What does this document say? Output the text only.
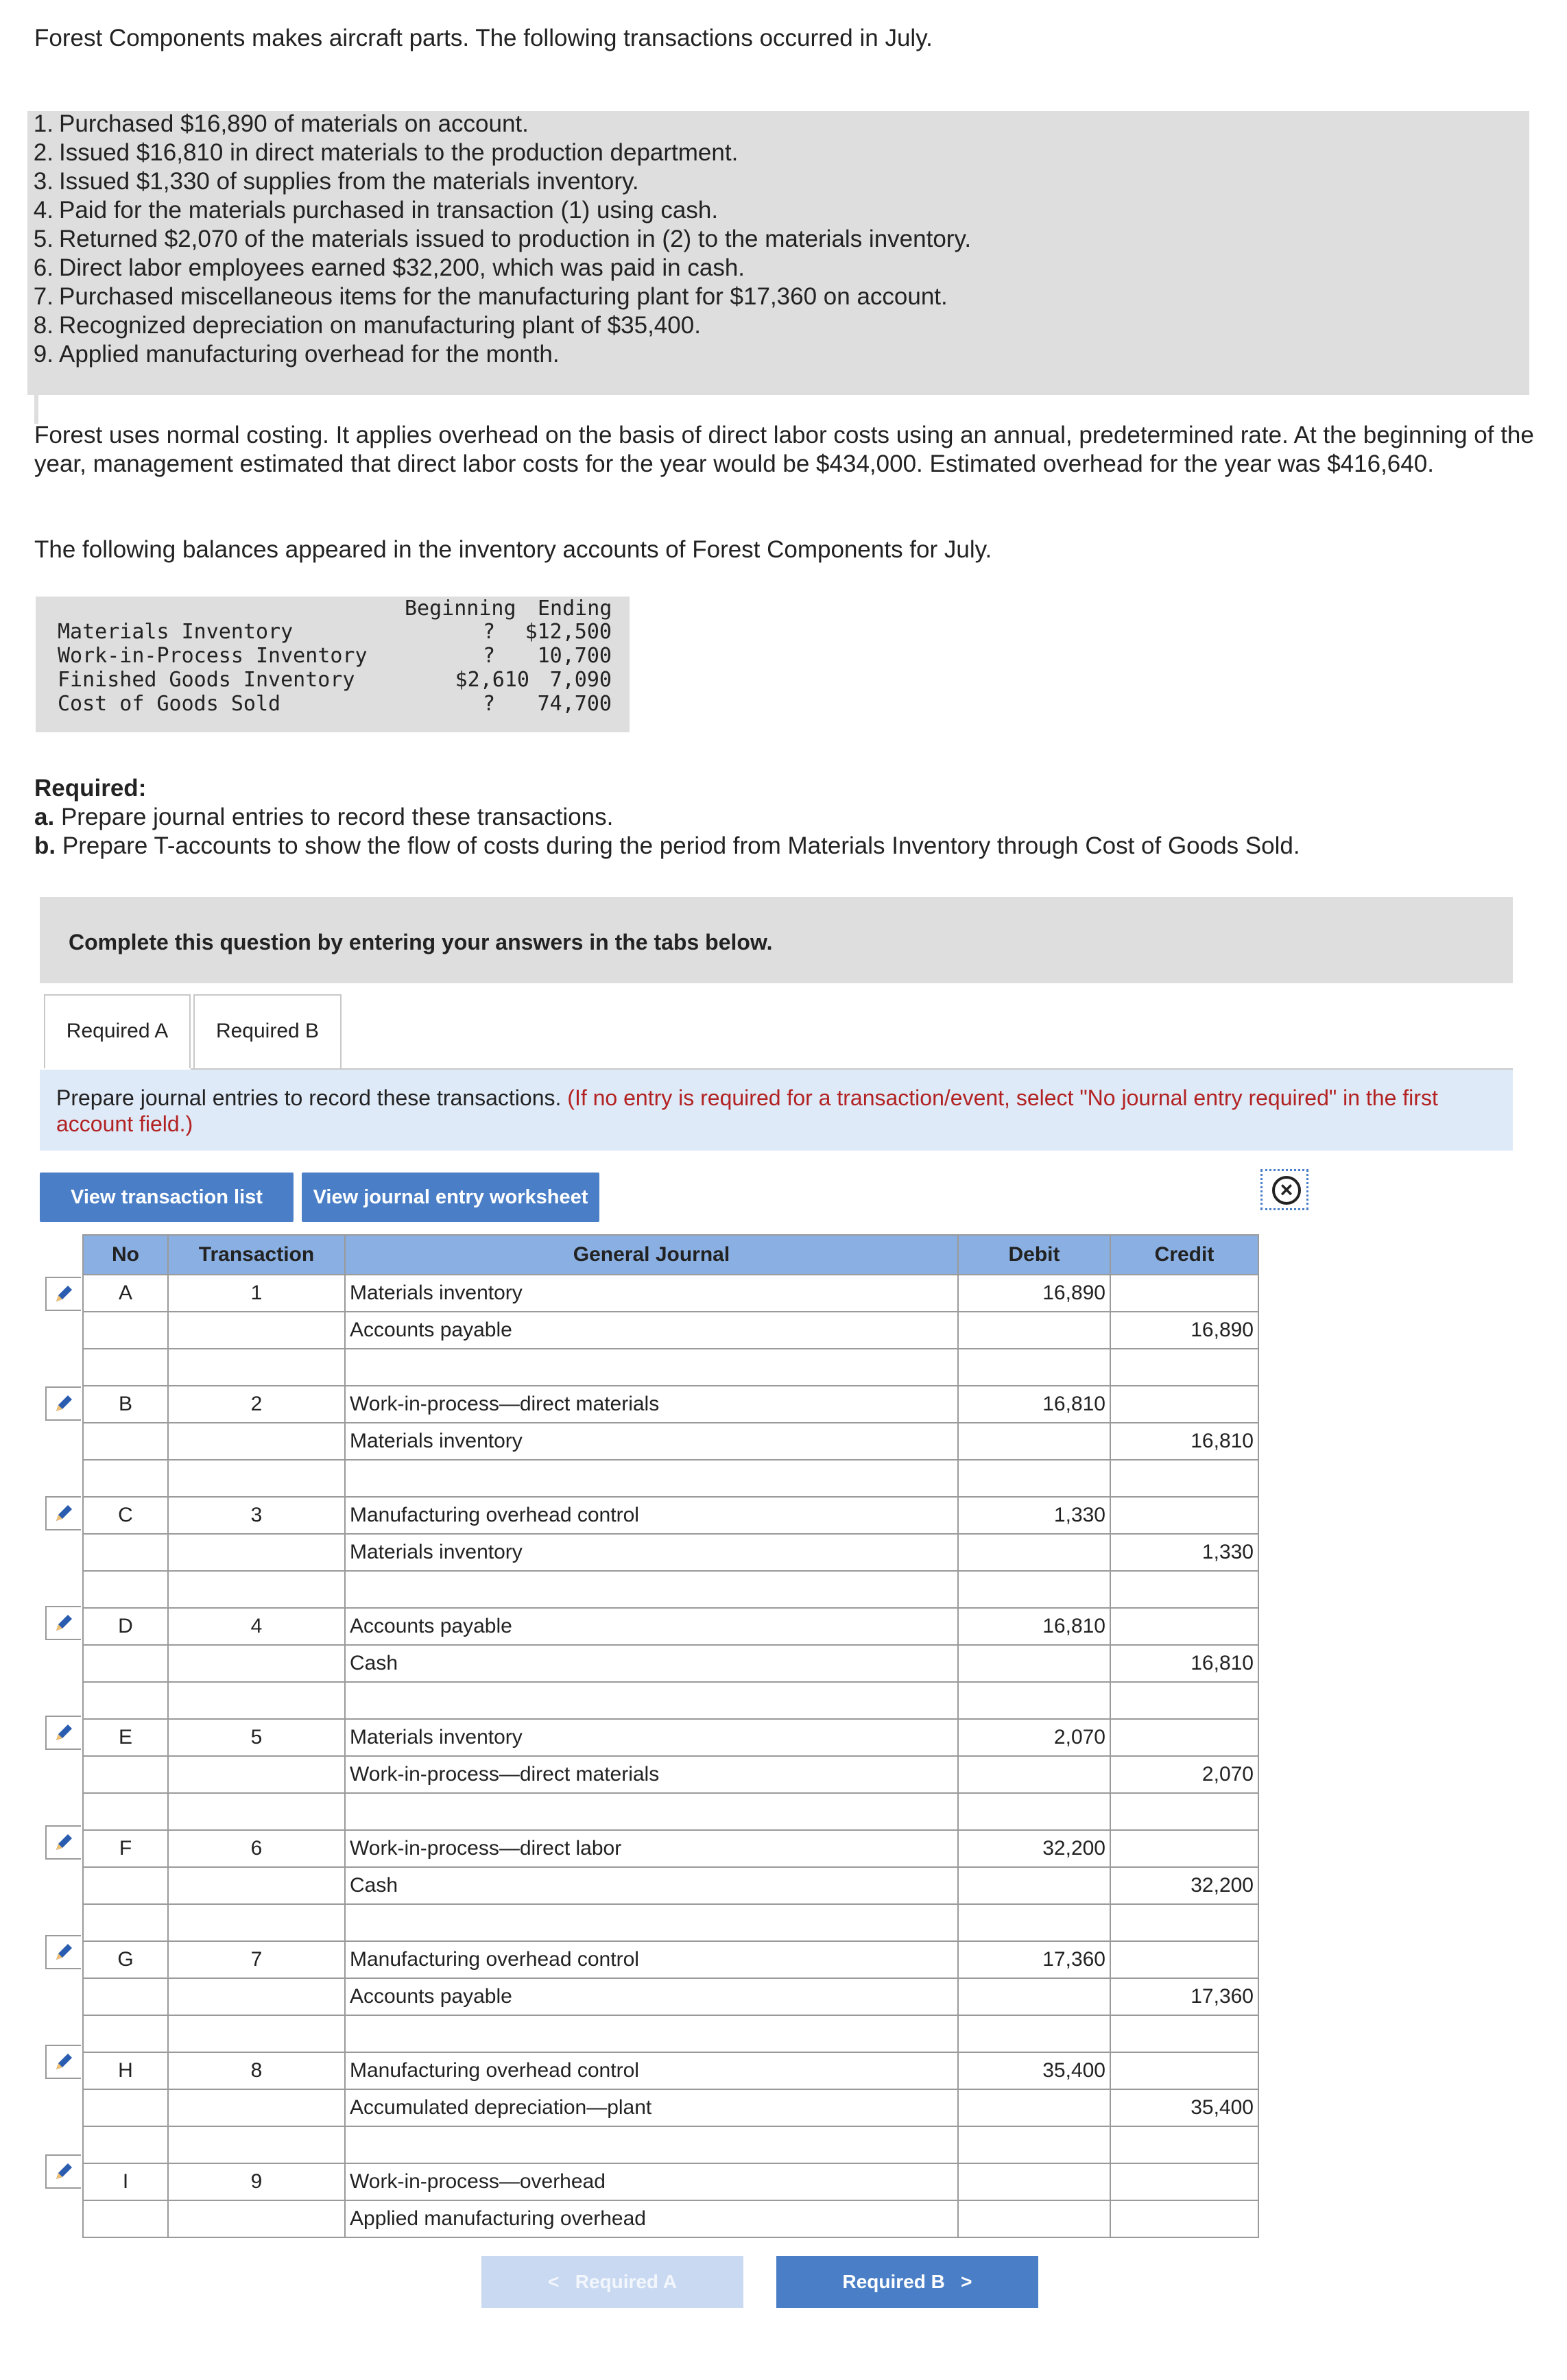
Forest Components makes aircraft parts. The following transactions occurred in July.
1. Purchased $16,890 of materials on account.
2. Issued $16,810 in direct materials to the production department.
3. Issued $1,330 of supplies from the materials inventory.
4. Paid for the materials purchased in transaction (1) using cash.
5. Returned $2,070 of the materials issued to production in (2) to the materials inventory.
6. Direct labor employees earned $32,200, which was paid in cash.
7. Purchased miscellaneous items for the manufacturing plant for $17,360 on account.
8. Recognized depreciation on manufacturing plant of $35,400.
9. Applied manufacturing overhead for the month.
Forest uses normal costing. It applies overhead on the basis of direct labor costs using an annual, predetermined rate. At the beginning of the year, management estimated that direct labor costs for the year would be $434,000. Estimated overhead for the year was $416,640.
The following balances appeared in the inventory accounts of Forest Components for July.
Beginning Ending
Materials Inventory	?	$12,500
Work-in-Process Inventory	?	10,700
Finished Goods Inventory	$2,610 7,090
Cost of Goods Sold	?	74,700
Required:
a. Prepare journal entries to record these transactions.
b. Prepare T-accounts to show the flow of costs during the period from Materials Inventory through Cost of Goods Sold.
Complete this question by entering your answers in the tabs below.
Required A	Required B
Prepare journal entries to record these transactions. (If no entry is required for a transaction/event, select "No journal entry required" in the first account field.)
View transaction list	View journal entry worksheet	×
No	Transaction	General Journal	Debit	Credit
A	1	Materials inventory	16,890	
		Accounts payable		16,890

B	2	Work-in-process—direct materials	16,810	
		Materials inventory		16,810

C	3	Manufacturing overhead control	1,330	
		Materials inventory		1,330

D	4	Accounts payable	16,810	
		Cash		16,810

E	5	Materials inventory	2,070	
		Work-in-process—direct materials		2,070

F	6	Work-in-process—direct labor	32,200	
		Cash		32,200

G	7	Manufacturing overhead control	17,360	
		Accounts payable		17,360

H	8	Manufacturing overhead control	35,400	
		Accumulated depreciation—plant		35,400

I	9	Work-in-process—overhead		
		Applied manufacturing overhead		
< Required A	Required B >
